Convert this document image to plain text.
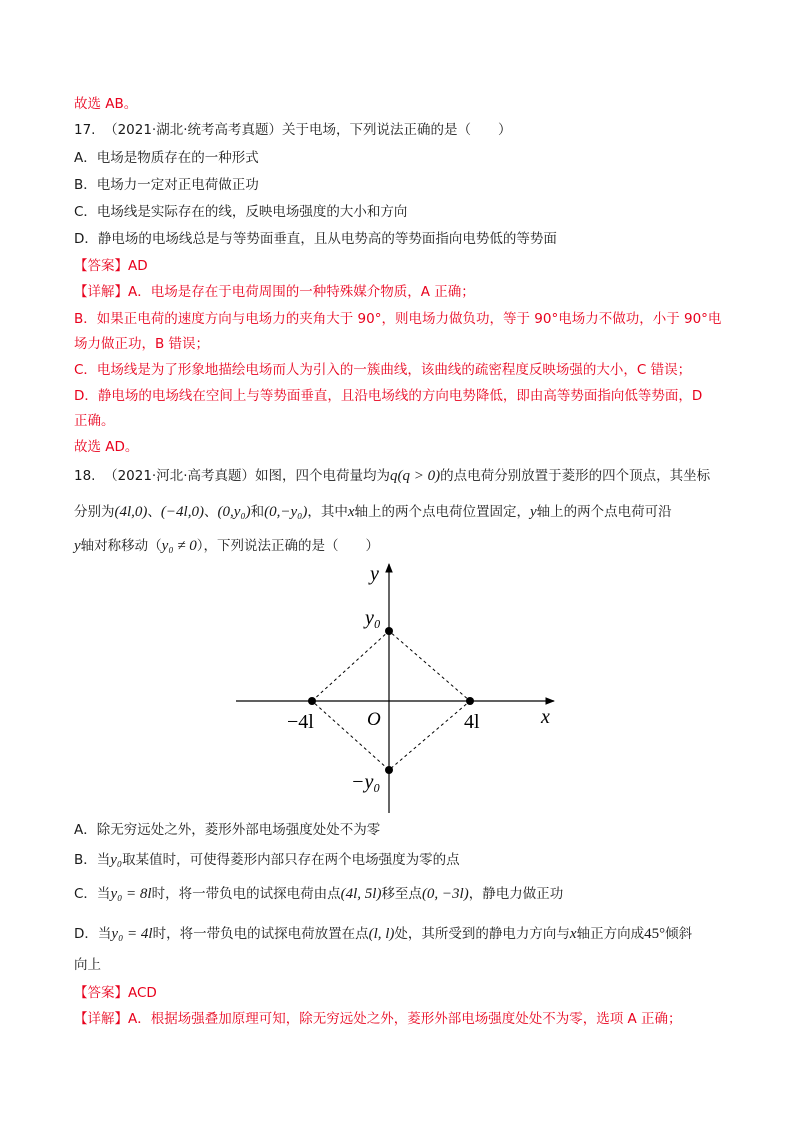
故选 AB。
17. （2021·湖北·统考高考真题）关于电场，下列说法正确的是（　　）
A．电场是物质存在的一种形式
B．电场力一定对正电荷做正功
C．电场线是实际存在的线，反映电场强度的大小和方向
D．静电场的电场线总是与等势面垂直，且从电势高的等势面指向电势低的等势面
【答案】AD
【详解】A．电场是存在于电荷周围的一种特殊媒介物质，A 正确；
B．如果正电荷的速度方向与电场力的夹角大于 90°，则电场力做负功，等于 90°电场力不做功，小于 90°电
场力做正功，B 错误；
C．电场线是为了形象地描绘电场而人为引入的一簇曲线，该曲线的疏密程度反映场强的大小，C 错误；
D．静电场的电场线在空间上与等势面垂直，且沿电场线的方向电势降低，即由高等势面指向低等势面，D
正确。
故选 AD。
18. （2021·河北·高考真题）如图，四个电荷量均为q(q > 0)的点电荷分别放置于菱形的四个顶点，其坐标
分别为(4l,0)、(−4l,0)、(0,y₀)和(0,−y₀)，其中x轴上的两个点电荷位置固定，y轴上的两个点电荷可沿
y轴对称移动（y₀ ≠ 0），下列说法正确的是（　　）
y
x
O
−4l	4l
y₀
−y₀
A．除无穷远处之外，菱形外部电场强度处处不为零
B．当y₀取某值时，可使得菱形内部只存在两个电场强度为零的点
C．当y₀ = 8l时，将一带负电的试探电荷由点(4l, 5l)移至点(0, −3l)，静电力做正功
D．当y₀ = 4l时，将一带负电的试探电荷放置在点(l, l)处，其所受到的静电力方向与x轴正方向成45°倾斜
向上
【答案】ACD
【详解】A．根据场强叠加原理可知，除无穷远处之外，菱形外部电场强度处处不为零，选项 A 正确；
